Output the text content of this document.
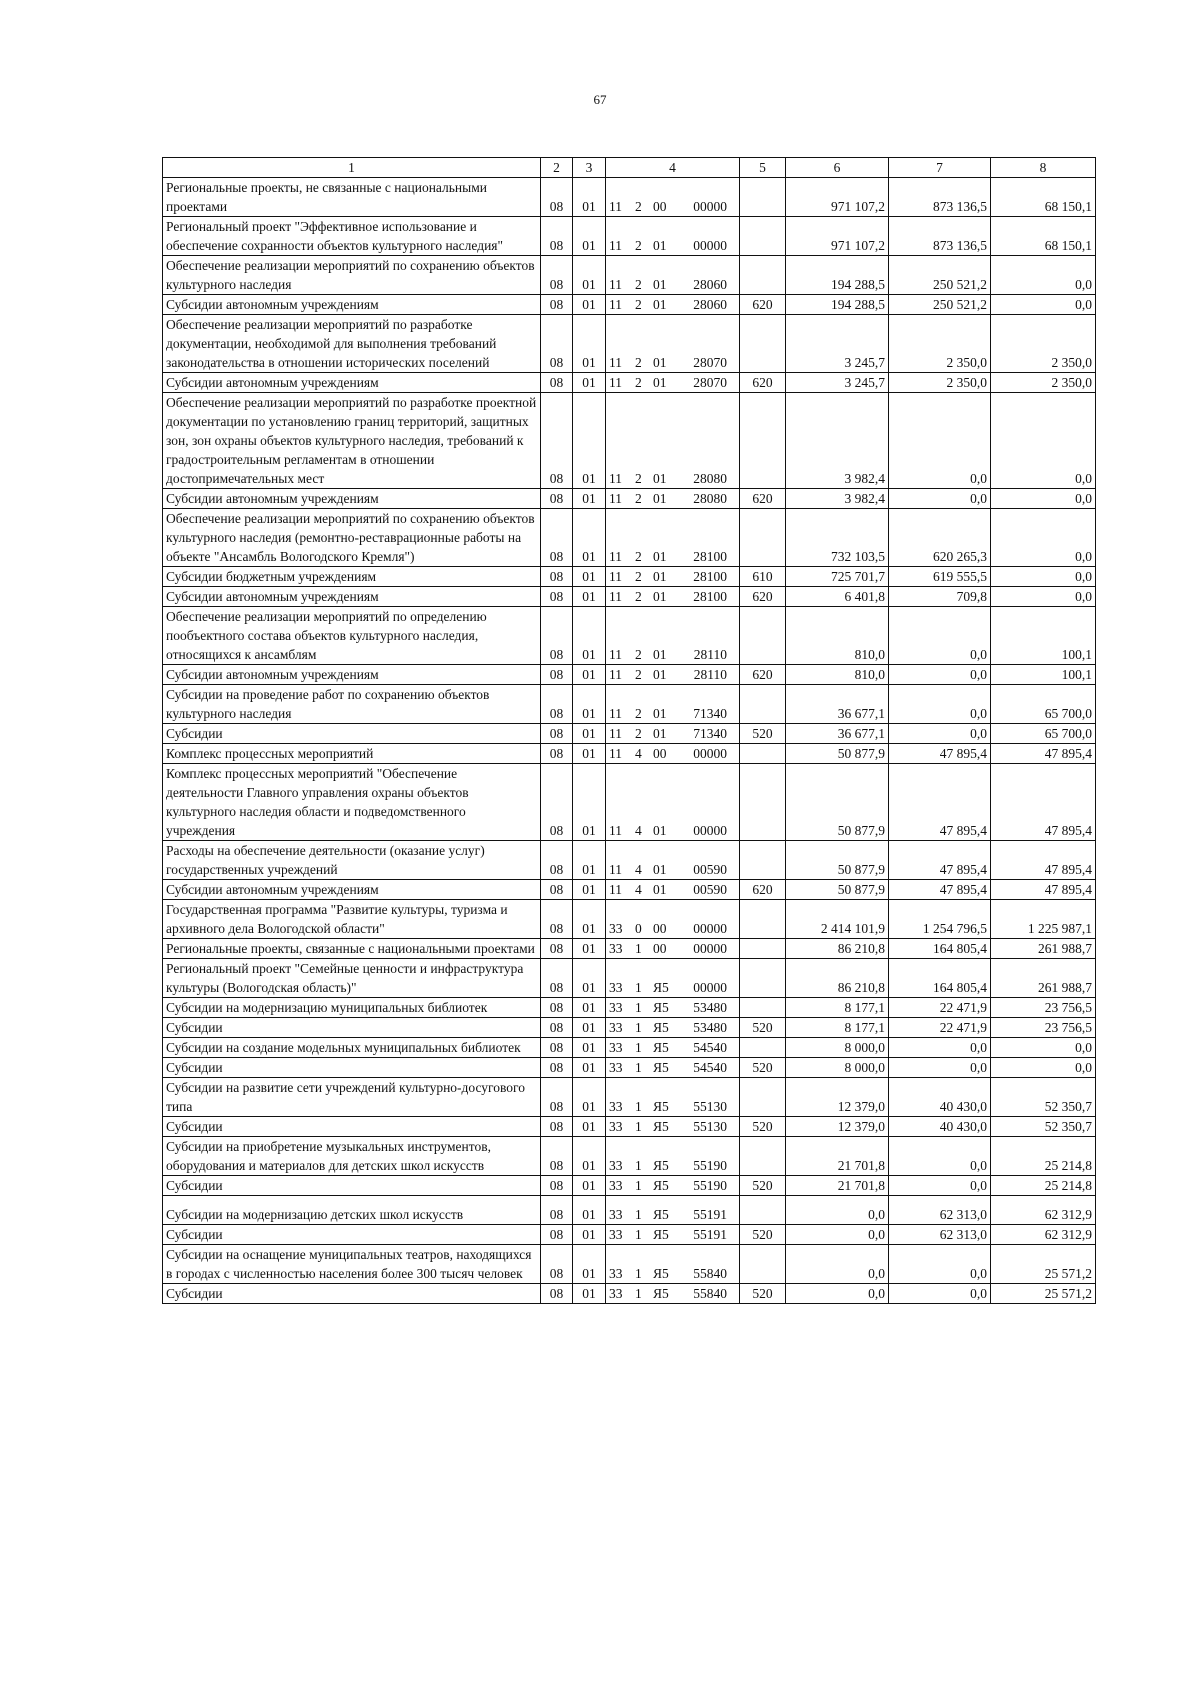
67
1	2	3	4	5	6	7	8
Региональные проекты, не связанные с национальными проектами	08	01	11 2 00 00000		971 107,2	873 136,5	68 150,1
Региональный проект "Эффективное использование и обеспечение сохранности объектов культурного наследия"	08	01	11 2 01 00000		971 107,2	873 136,5	68 150,1
Обеспечение реализации мероприятий по сохранению объектов культурного наследия	08	01	11 2 01 28060		194 288,5	250 521,2	0,0
Субсидии автономным учреждениям	08	01	11 2 01 28060	620	194 288,5	250 521,2	0,0
Обеспечение реализации мероприятий по разработке документации, необходимой для выполнения требований законодательства в отношении исторических поселений	08	01	11 2 01 28070		3 245,7	2 350,0	2 350,0
Субсидии автономным учреждениям	08	01	11 2 01 28070	620	3 245,7	2 350,0	2 350,0
Обеспечение реализации мероприятий по разработке проектной документации по установлению границ территорий, защитных зон, зон охраны объектов культурного наследия, требований к градостроительным регламентам в отношении достопримечательных мест	08	01	11 2 01 28080		3 982,4	0,0	0,0
Субсидии автономным учреждениям	08	01	11 2 01 28080	620	3 982,4	0,0	0,0
Обеспечение реализации мероприятий по сохранению объектов культурного наследия (ремонтно-реставрационные работы на объекте "Ансамбль Вологодского Кремля")	08	01	11 2 01 28100		732 103,5	620 265,3	0,0
Субсидии бюджетным учреждениям	08	01	11 2 01 28100	610	725 701,7	619 555,5	0,0
Субсидии автономным учреждениям	08	01	11 2 01 28100	620	6 401,8	709,8	0,0
Обеспечение реализации мероприятий по определению пообъектного состава объектов культурного наследия, относящихся к ансамблям	08	01	11 2 01 28110		810,0	0,0	100,1
Субсидии автономным учреждениям	08	01	11 2 01 28110	620	810,0	0,0	100,1
Субсидии на проведение работ по сохранению объектов культурного наследия	08	01	11 2 01 71340		36 677,1	0,0	65 700,0
Субсидии	08	01	11 2 01 71340	520	36 677,1	0,0	65 700,0
Комплекс процессных мероприятий	08	01	11 4 00 00000		50 877,9	47 895,4	47 895,4
Комплекс процессных мероприятий "Обеспечение деятельности Главного управления охраны объектов культурного наследия области и подведомственного учреждения	08	01	11 4 01 00000		50 877,9	47 895,4	47 895,4
Расходы на обеспечение деятельности (оказание услуг) государственных учреждений	08	01	11 4 01 00590		50 877,9	47 895,4	47 895,4
Субсидии автономным учреждениям	08	01	11 4 01 00590	620	50 877,9	47 895,4	47 895,4
Государственная программа "Развитие культуры, туризма и архивного дела Вологодской области"	08	01	33 0 00 00000		2 414 101,9	1 254 796,5	1 225 987,1
Региональные проекты, связанные с национальными проектами	08	01	33 1 00 00000		86 210,8	164 805,4	261 988,7
Региональный проект "Семейные ценности и инфраструктура культуры (Вологодская область)"	08	01	33 1 Я5 00000		86 210,8	164 805,4	261 988,7
Субсидии на модернизацию муниципальных библиотек	08	01	33 1 Я5 53480		8 177,1	22 471,9	23 756,5
Субсидии	08	01	33 1 Я5 53480	520	8 177,1	22 471,9	23 756,5
Субсидии на создание модельных муниципальных библиотек	08	01	33 1 Я5 54540		8 000,0	0,0	0,0
Субсидии	08	01	33 1 Я5 54540	520	8 000,0	0,0	0,0
Субсидии на развитие сети учреждений культурно-досугового типа	08	01	33 1 Я5 55130		12 379,0	40 430,0	52 350,7
Субсидии	08	01	33 1 Я5 55130	520	12 379,0	40 430,0	52 350,7
Субсидии на приобретение музыкальных инструментов, оборудования и материалов для детских школ искусств	08	01	33 1 Я5 55190		21 701,8	0,0	25 214,8
Субсидии	08	01	33 1 Я5 55190	520	21 701,8	0,0	25 214,8
Субсидии на модернизацию детских школ искусств	08	01	33 1 Я5 55191		0,0	62 313,0	62 312,9
Субсидии	08	01	33 1 Я5 55191	520	0,0	62 313,0	62 312,9
Субсидии на оснащение муниципальных театров, находящихся в городах с численностью населения более 300 тысяч человек	08	01	33 1 Я5 55840		0,0	0,0	25 571,2
Субсидии	08	01	33 1 Я5 55840	520	0,0	0,0	25 571,2
